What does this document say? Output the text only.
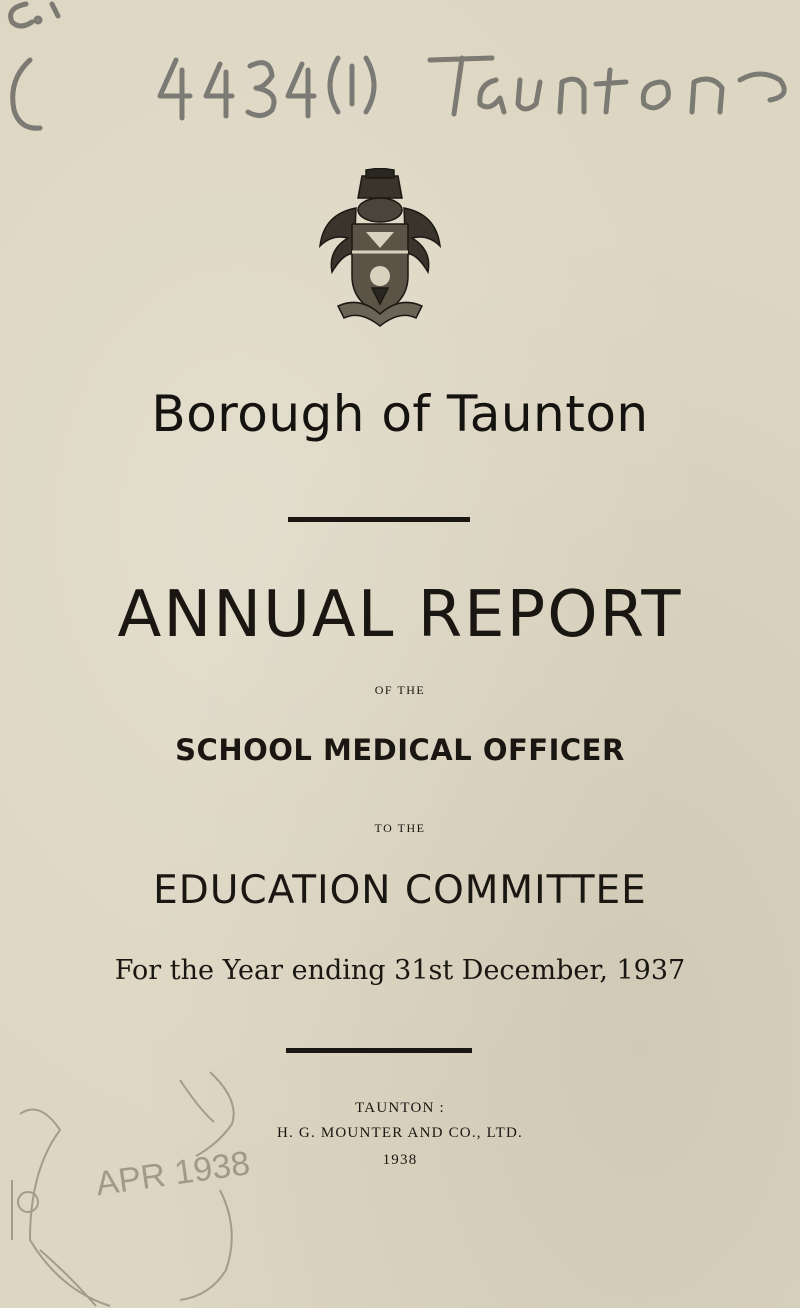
Borough of Taunton
ANNUAL REPORT
OF THE
SCHOOL MEDICAL OFFICER
TO THE
EDUCATION COMMITTEE
For the Year ending 31st December, 1937
APR 1938
TAUNTON :
H. G. MOUNTER AND CO., LTD.
1938
